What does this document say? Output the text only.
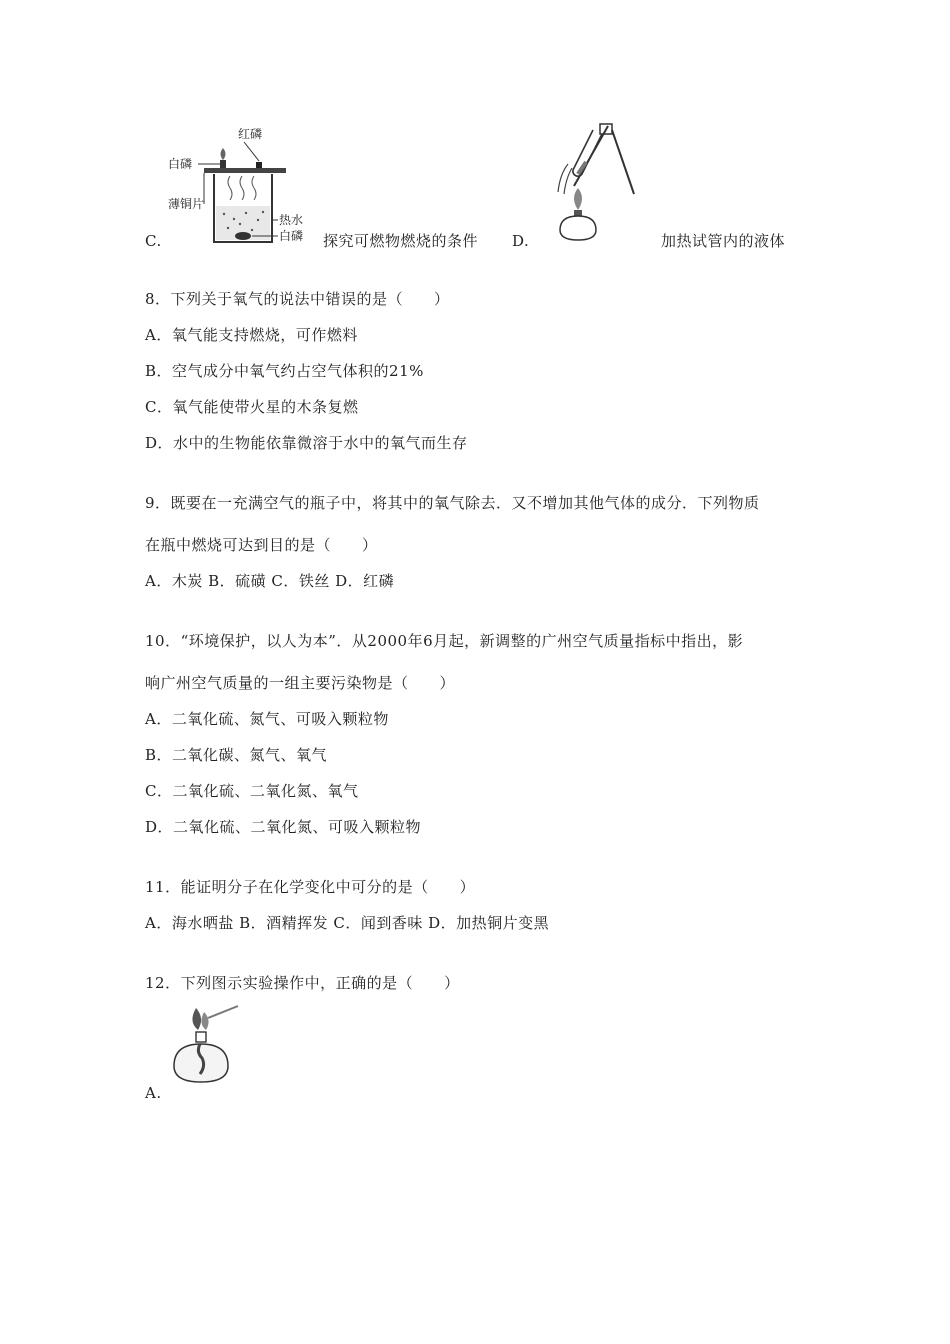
C.
红磷
白磷
薄铜片
热水
白磷 探究可燃物燃烧的条件 D.	加热试管内的液体
8．下列关于氧气的说法中错误的是（　　）
A．氧气能支持燃烧，可作燃料
B．空气成分中氧气约占空气体积的21%
C．氧气能使带火星的木条复燃
D．水中的生物能依靠微溶于水中的氧气而生存
9．既要在一充满空气的瓶子中，将其中的氧气除去．又不增加其他气体的成分．下列物质
在瓶中燃烧可达到目的是（　　）
A．木炭 B．硫磺 C．铁丝 D．红磷
10．“环境保护，以人为本”．从2000年6月起，新调整的广州空气质量指标中指出，影
响广州空气质量的一组主要污染物是（　　）
A．二氧化硫、氮气、可吸入颗粒物
B．二氧化碳、氮气、氧气
C．二氧化硫、二氧化氮、氧气
D．二氧化硫、二氧化氮、可吸入颗粒物
11．能证明分子在化学变化中可分的是（　　）
A．海水晒盐 B．酒精挥发 C．闻到香味 D．加热铜片变黑
12．下列图示实验操作中，正确的是（　　）
A.
